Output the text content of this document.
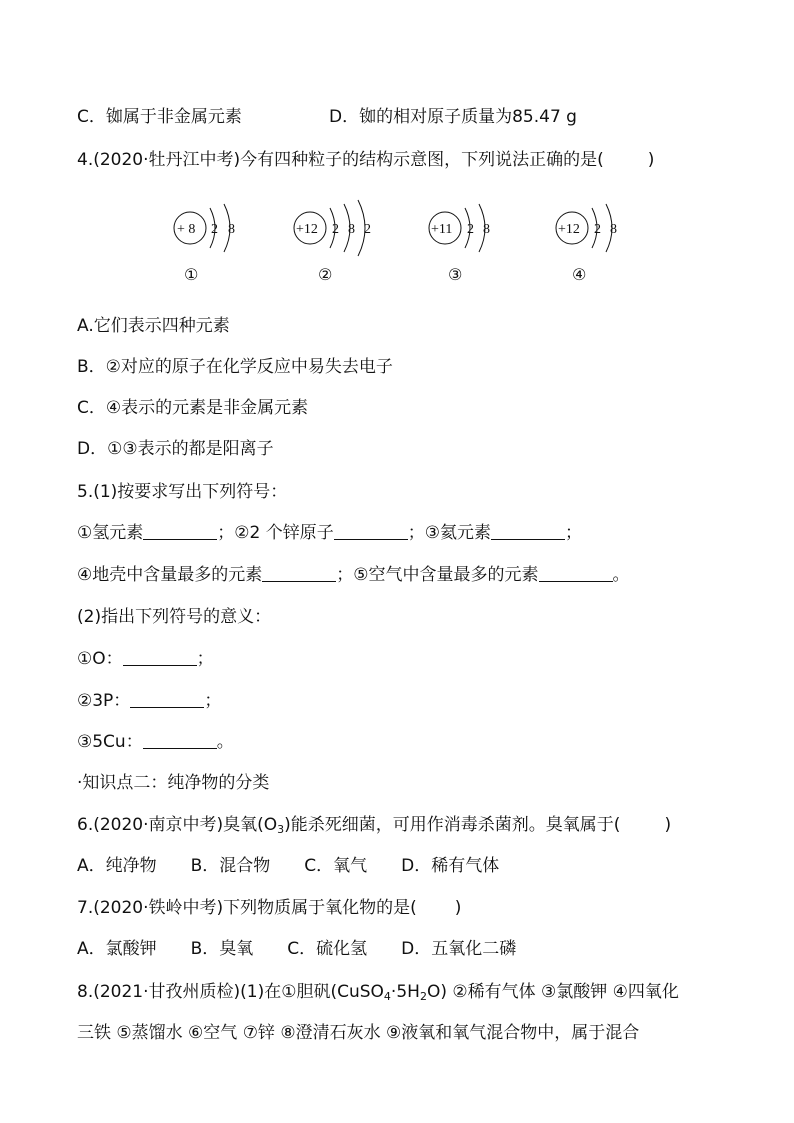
C．铷属于非金属元素	D．铷的相对原子质量为85.47 g
4.(2020·牡丹江中考)今有四种粒子的结构示意图，下列说法正确的是(	)
+ 8 2 8
①
+12 2 8 2
②
+11 2 8
③
+12 2 8
④
A.它们表示四种元素
B．②对应的原子在化学反应中易失去电子
C．④表示的元素是非金属元素
D．①③表示的都是阳离子
5.(1)按要求写出下列符号：
①氢元素	；②2 个锌原子	；③氦元素	；
④地壳中含量最多的元素	；⑤空气中含量最多的元素	。
(2)指出下列符号的意义：
①O：	；
②3P：	；
③5Cu：	。
·知识点二：纯净物的分类
6.(2020·南京中考)臭氧$(O_3)$能杀死细菌，可用作消毒杀菌剂。臭氧属于(	)
A．纯净物　　B．混合物　　C．氧气　　D．稀有气体
7.(2020·铁岭中考)下列物质属于氧化物的是( )
A．氯酸钾　　B．臭氧　　C．硫化氢　　D．五氧化二磷
8.(2021·甘孜州质检)(1)在①胆矾$(CuSO_4\cdot 5H_2O)$ ②稀有气体 ③氯酸钾 ④四氧化
三铁 ⑤蒸馏水 ⑥空气 ⑦锌 ⑧澄清石灰水 ⑨液氧和氧气混合物中，属于混合
